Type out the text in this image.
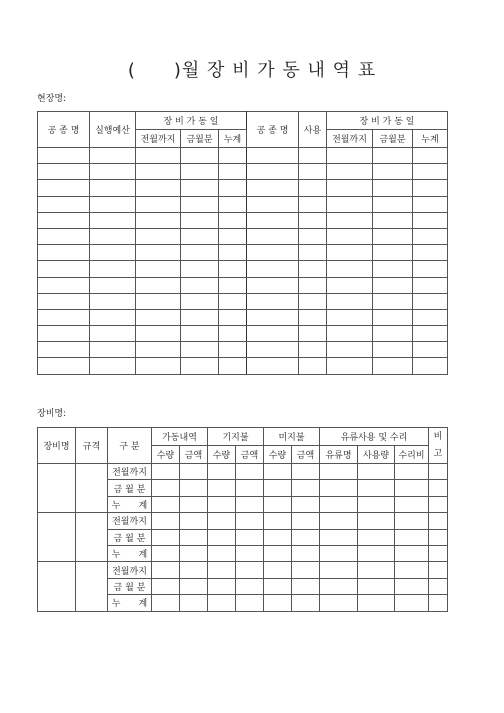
(　　)월 장 비 가 동 내 역 표
현장명:
장비명:
공 종 명	실행예산	장 비 가 동 일			공 종 명	사용	장 비 가 동 일		
		전월까지	금월분	누계			전월까지	금월분	누계

장비명	규격	구 분	가동내역		기지불		미지불		유류사용 및 수리			비 고
			수량	금액	수량	금액	수량	금액	유류명	사용량	수리비	
		전월까지										
		금 월 분										
		누　　계										
		전월까지										
		금 월 분										
		누　　계										
		전월까지										
		금 월 분										
		누　　계										
